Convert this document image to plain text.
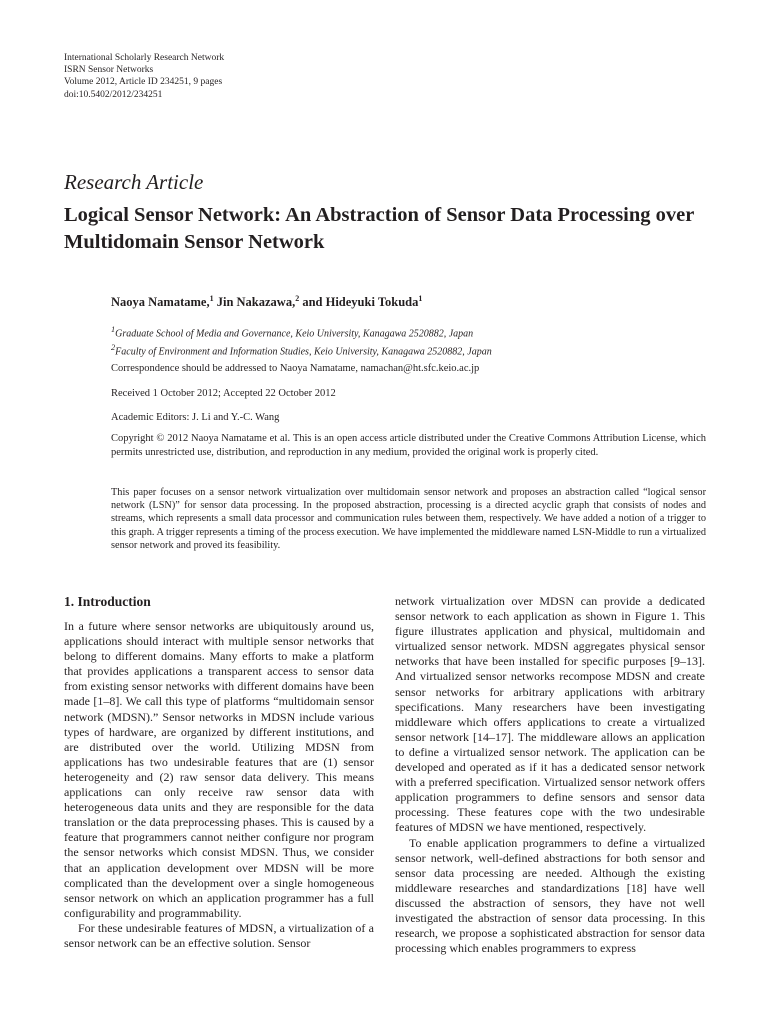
International Scholarly Research Network
ISRN Sensor Networks
Volume 2012, Article ID 234251, 9 pages
doi:10.5402/2012/234251
Research Article
Logical Sensor Network: An Abstraction of Sensor Data Processing over Multidomain Sensor Network
Naoya Namatame,$^1$ Jin Nakazawa,$^2$ and Hideyuki Tokuda$^1$
$^1$Graduate School of Media and Governance, Keio University, Kanagawa 2520882, Japan
$^2$Faculty of Environment and Information Studies, Keio University, Kanagawa 2520882, Japan
Correspondence should be addressed to Naoya Namatame, namachan@ht.sfc.keio.ac.jp
Received 1 October 2012; Accepted 22 October 2012
Academic Editors: J. Li and Y.-C. Wang
Copyright © 2012 Naoya Namatame et al. This is an open access article distributed under the Creative Commons Attribution License, which permits unrestricted use, distribution, and reproduction in any medium, provided the original work is properly cited.
This paper focuses on a sensor network virtualization over multidomain sensor network and proposes an abstraction called “logical sensor network (LSN)” for sensor data processing. In the proposed abstraction, processing is a directed acyclic graph that consists of nodes and streams, which represents a small data processor and communication rules between them, respectively. We have added a notion of a trigger to this graph. A trigger represents a timing of the process execution. We have implemented the middleware named LSN-Middle to run a virtualized sensor network and proved its feasibility.
1. Introduction

In a future where sensor networks are ubiquitously around us, applications should interact with multiple sensor networks that belong to different domains. Many efforts to make a platform that provides applications a transparent access to sensor data from existing sensor networks with different domains have been made [1–8]. We call this type of platforms “multidomain sensor network (MDSN).” Sensor networks in MDSN include various types of hardware, are organized by different institutions, and are distributed over the world. Utilizing MDSN from applications has two undesirable features that are (1) sensor heterogeneity and (2) raw sensor data delivery. This means applications can only receive raw sensor data with heterogeneous data units and they are responsible for the data translation or the data preprocessing phases. This is caused by a feature that programmers cannot neither configure nor program the sensor networks which consist MDSN. Thus, we consider that an application development over MDSN will be more complicated than the development over a single homogeneous sensor network on which an application programmer has a full configurability and programmability.

For these undesirable features of MDSN, a virtualization of a sensor network can be an effective solution. Sensor

network virtualization over MDSN can provide a dedicated sensor network to each application as shown in Figure 1. This figure illustrates application and physical, multidomain and virtualized sensor network. MDSN aggregates physical sensor networks that have been installed for specific purposes [9–13]. And virtualized sensor networks recompose MDSN and create sensor networks for arbitrary applications with arbitrary specifications. Many researchers have been investigating middleware which offers applications to create a virtualized sensor network [14–17]. The middleware allows an application to define a virtualized sensor network. The application can be developed and operated as if it has a dedicated sensor network with a preferred specification. Virtualized sensor network offers application programmers to define sensors and sensor data processing. These features cope with the two undesirable features of MDSN we have mentioned, respectively.

To enable application programmers to define a virtualized sensor network, well-defined abstractions for both sensor and sensor data processing are needed. Although the existing middleware researches and standardizations [18] have well discussed the abstraction of sensors, they have not well investigated the abstraction of sensor data processing. In this research, we propose a sophisticated abstraction for sensor data processing which enables programmers to express
